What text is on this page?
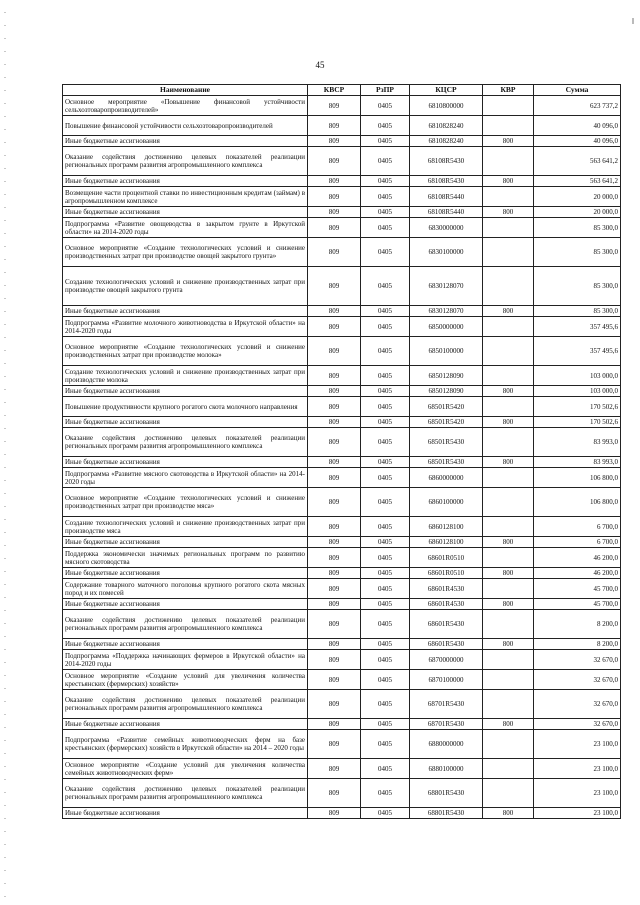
45
Наименование	КВСР	РзПР	КЦСР	КВР	Сумма
Основное мероприятие «Повышение финансовой устойчивости сельхозтоваропроизводителей»	809	0405	6810800000		623 737,2
Повышение финансовой устойчивости сельхозтоваропроизводителей	809	0405	6810828240		40 096,0
Иные бюджетные ассигнования	809	0405	6810828240	800	40 096,0
Оказание содействия достижению целевых показателей реализации региональных программ развития агропромышленного комплекса	809	0405	68108R5430		563 641,2
Иные бюджетные ассигнования	809	0405	68108R5430	800	563 641,2
Возмещение части процентной ставки по инвестиционным кредитам (займам) в агропромышленном комплексе	809	0405	68108R5440		20 000,0
Иные бюджетные ассигнования	809	0405	68108R5440	800	20 000,0
Подпрограмма «Развитие овощеводства в закрытом грунте в Иркутской области» на 2014-2020 годы	809	0405	6830000000		85 300,0
Основное мероприятие «Создание технологических условий и снижение производственных затрат при производстве овощей закрытого грунта»	809	0405	6830100000		85 300,0
Создание технологических условий и снижение производственных затрат при производстве овощей закрытого грунта	809	0405	6830128070		85 300,0
Иные бюджетные ассигнования	809	0405	6830128070	800	85 300,0
Подпрограмма «Развитие молочного животноводства в Иркутской области» на 2014-2020 годы	809	0405	6850000000		357 495,6
Основное мероприятие «Создание технологических условий и снижение производственных затрат при производстве молока»	809	0405	6850100000		357 495,6
Создание технологических условий и снижение производственных затрат при производстве молока	809	0405	6850128090		103 000,0
Иные бюджетные ассигнования	809	0405	6850128090	800	103 000,0
Повышение продуктивности крупного рогатого скота молочного направления	809	0405	68501R5420		170 502,6
Иные бюджетные ассигнования	809	0405	68501R5420	800	170 502,6
Оказание содействия достижению целевых показателей реализации региональных программ развития агропромышленного комплекса	809	0405	68501R5430		83 993,0
Иные бюджетные ассигнования	809	0405	68501R5430	800	83 993,0
Подпрограмма «Развитие мясного скотоводства в Иркутской области» на 2014-2020 годы	809	0405	6860000000		106 800,0
Основное мероприятие «Создание технологических условий и снижение производственных затрат при производстве мяса»	809	0405	6860100000		106 800,0
Создание технологических условий и снижение производственных затрат при производстве мяса	809	0405	6860128100		6 700,0
Иные бюджетные ассигнования	809	0405	6860128100	800	6 700,0
Поддержка экономически значимых региональных программ по развитию мясного скотоводства	809	0405	68601R0510		46 200,0
Иные бюджетные ассигнования	809	0405	68601R0510	800	46 200,0
Содержание товарного маточного поголовья крупного рогатого скота мясных пород и их помесей	809	0405	68601R4530		45 700,0
Иные бюджетные ассигнования	809	0405	68601R4530	800	45 700,0
Оказание содействия достижению целевых показателей реализации региональных программ развития агропромышленного комплекса	809	0405	68601R5430		8 200,0
Иные бюджетные ассигнования	809	0405	68601R5430	800	8 200,0
Подпрограмма «Поддержка начинающих фермеров в Иркутской области» на 2014-2020 годы	809	0405	6870000000		32 670,0
Основное мероприятие «Создание условий для увеличения количества крестьянских (фермерских) хозяйств»	809	0405	6870100000		32 670,0
Оказание содействия достижению целевых показателей реализации региональных программ развития агропромышленного комплекса	809	0405	68701R5430		32 670,0
Иные бюджетные ассигнования	809	0405	68701R5430	800	32 670,0
Подпрограмма «Развитие семейных животноводческих ферм на базе крестьянских (фермерских) хозяйств в Иркутской области» на 2014 – 2020 годы	809	0405	6880000000		23 100,0
Основное мероприятие «Создание условий для увеличения количества семейных животноводческих ферм»	809	0405	6880100000		23 100,0
Оказание содействия достижению целевых показателей реализации региональных программ развития агропромышленного комплекса	809	0405	68801R5430		23 100,0
Иные бюджетные ассигнования	809	0405	68801R5430	800	23 100,0
